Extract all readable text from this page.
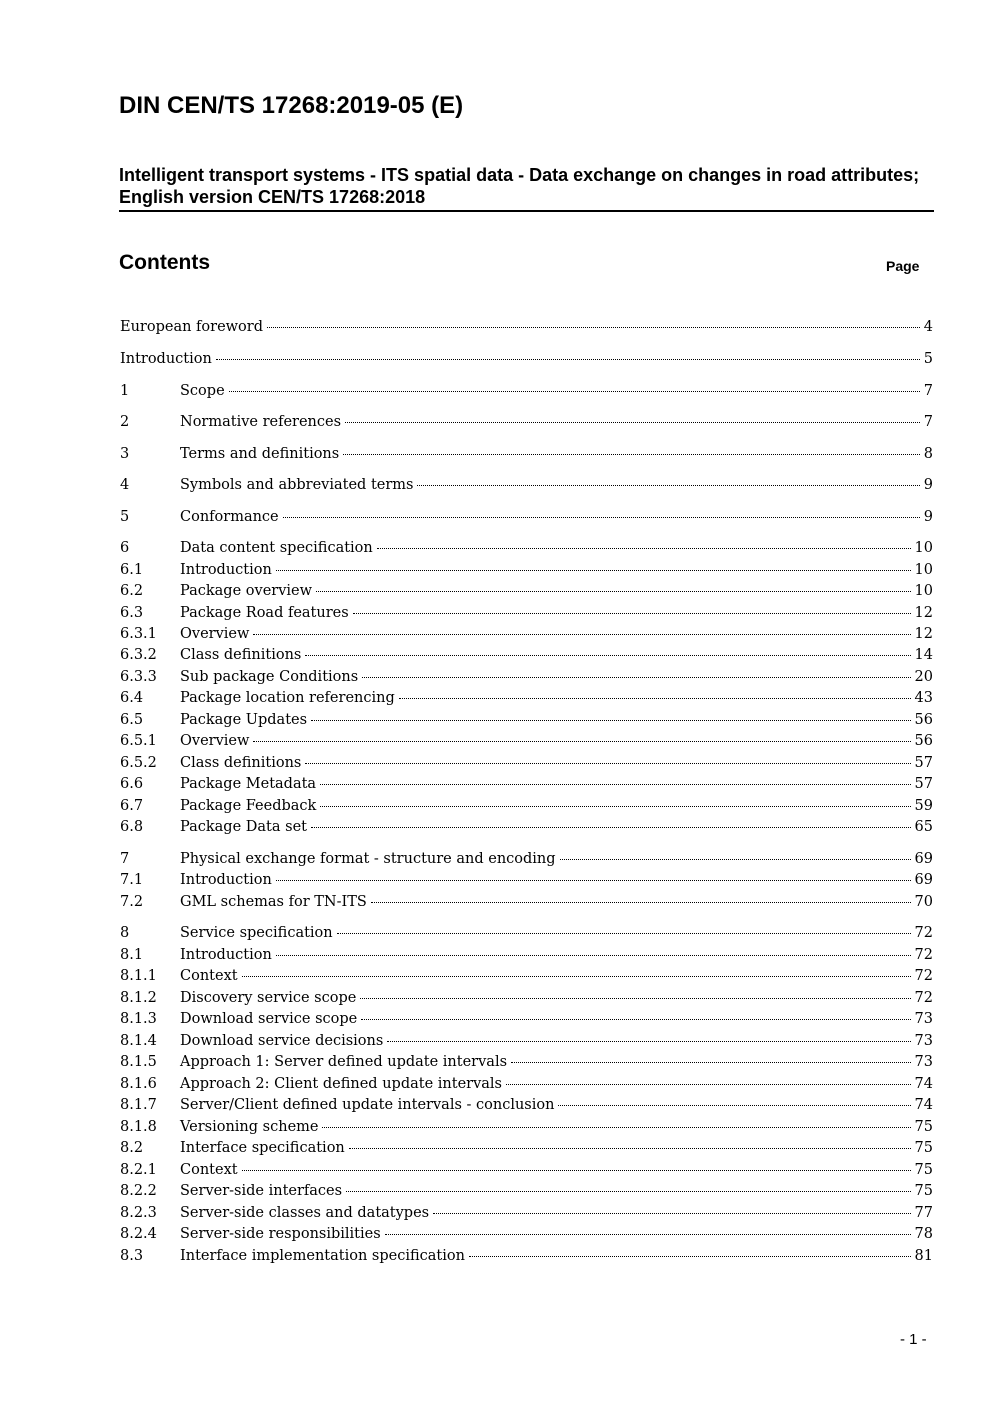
DIN CEN/TS 17268:2019-05 (E)
Intelligent transport systems - ITS spatial data - Data exchange on changes in road attributes; English version CEN/TS 17268:2018
Contents	Page
European foreword	4
Introduction	5
1	Scope	7
2	Normative references	7
3	Terms and definitions	8
4	Symbols and abbreviated terms	9
5	Conformance	9
6	Data content specification	10
6.1	Introduction	10
6.2	Package overview	10
6.3	Package Road features	12
6.3.1	Overview	12
6.3.2	Class definitions	14
6.3.3	Sub package Conditions	20
6.4	Package location referencing	43
6.5	Package Updates	56
6.5.1	Overview	56
6.5.2	Class definitions	57
6.6	Package Metadata	57
6.7	Package Feedback	59
6.8	Package Data set	65
7	Physical exchange format - structure and encoding	69
7.1	Introduction	69
7.2	GML schemas for TN-ITS	70
8	Service specification	72
8.1	Introduction	72
8.1.1	Context	72
8.1.2	Discovery service scope	72
8.1.3	Download service scope	73
8.1.4	Download service decisions	73
8.1.5	Approach 1: Server defined update intervals	73
8.1.6	Approach 2: Client defined update intervals	74
8.1.7	Server/Client defined update intervals - conclusion	74
8.1.8	Versioning scheme	75
8.2	Interface specification	75
8.2.1	Context	75
8.2.2	Server-side interfaces	75
8.2.3	Server-side classes and datatypes	77
8.2.4	Server-side responsibilities	78
8.3	Interface implementation specification	81
- 1 -
